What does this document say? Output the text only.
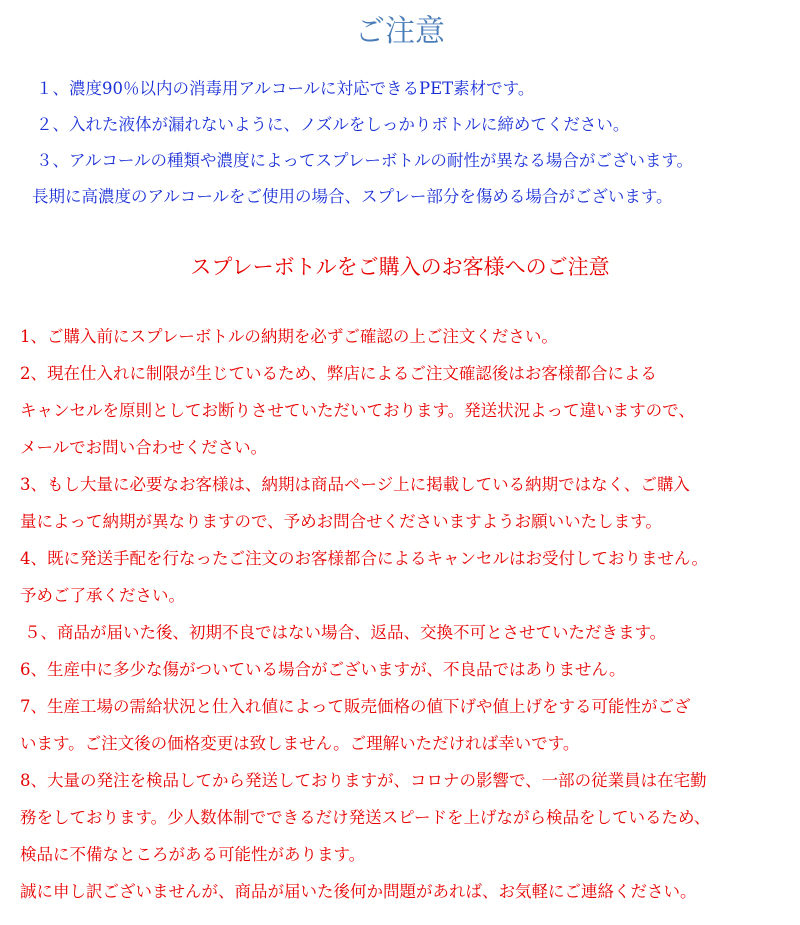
ご注意
１、濃度90％以内の消毒用アルコールに対応できるPET素材です。
２、入れた液体が漏れないように、ノズルをしっかりボトルに締めてください。
３、アルコールの種類や濃度によってスプレーボトルの耐性が異なる場合がございます。
長期に高濃度のアルコールをご使用の場合、スプレー部分を傷める場合がございます。
スプレーボトルをご購入のお客様へのご注意
1、ご購入前にスプレーボトルの納期を必ずご確認の上ご注文ください。
2、現在仕入れに制限が生じているため、弊店によるご注文確認後はお客様都合による
キャンセルを原則としてお断りさせていただいております。発送状況よって違いますので、
メールでお問い合わせください。
3、もし大量に必要なお客様は、納期は商品ページ上に掲載している納期ではなく、ご購入
量によって納期が異なりますので、予めお問合せくださいますようお願いいたします。
4、既に発送手配を行なったご注文のお客様都合によるキャンセルはお受付しておりません。
予めご了承ください。
５、商品が届いた後、初期不良ではない場合、返品、交換不可とさせていただきます。
6、生産中に多少な傷がついている場合がございますが、不良品ではありません。
7、生産工場の需給状況と仕入れ値によって販売価格の値下げや値上げをする可能性がござ
います。ご注文後の価格変更は致しません。ご理解いただければ幸いです。
8、大量の発注を検品してから発送しておりますが、コロナの影響で、一部の従業員は在宅勤
務をしております。少人数体制でできるだけ発送スピードを上げながら検品をしているため、
検品に不備なところがある可能性があります。
誠に申し訳ございませんが、商品が届いた後何か問題があれば、お気軽にご連絡ください。
